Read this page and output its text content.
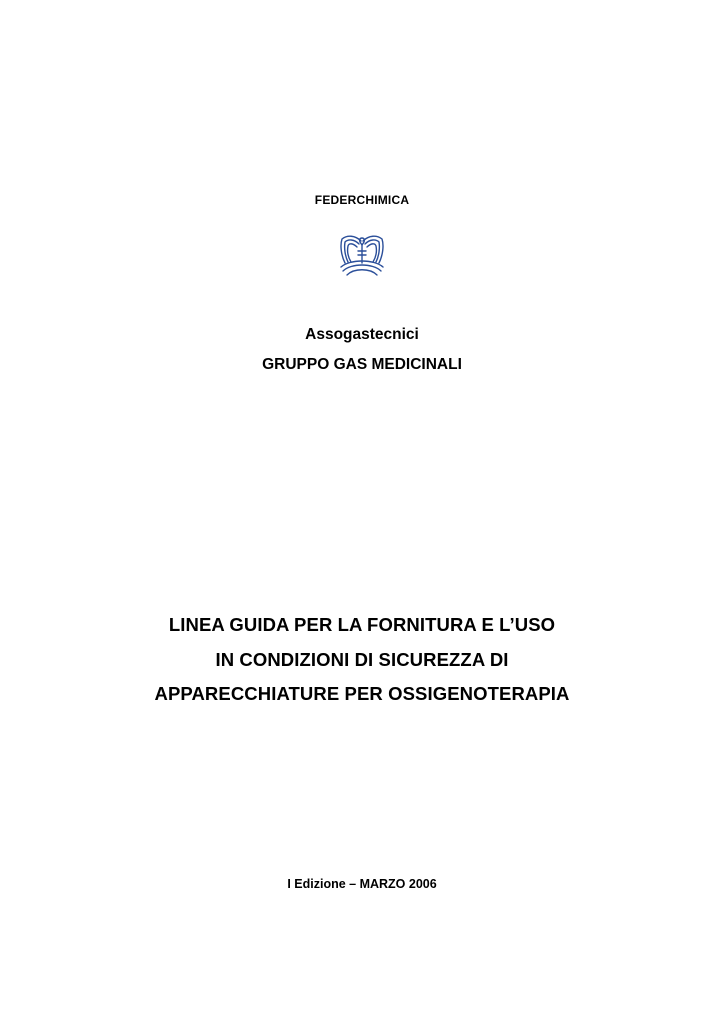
FEDERCHIMICA
Assogastecnici
GRUPPO GAS MEDICINALI
LINEA GUIDA PER LA FORNITURA E L’USO
IN CONDIZIONI DI SICUREZZA DI
APPARECCHIATURE PER OSSIGENOTERAPIA
I Edizione – MARZO 2006
